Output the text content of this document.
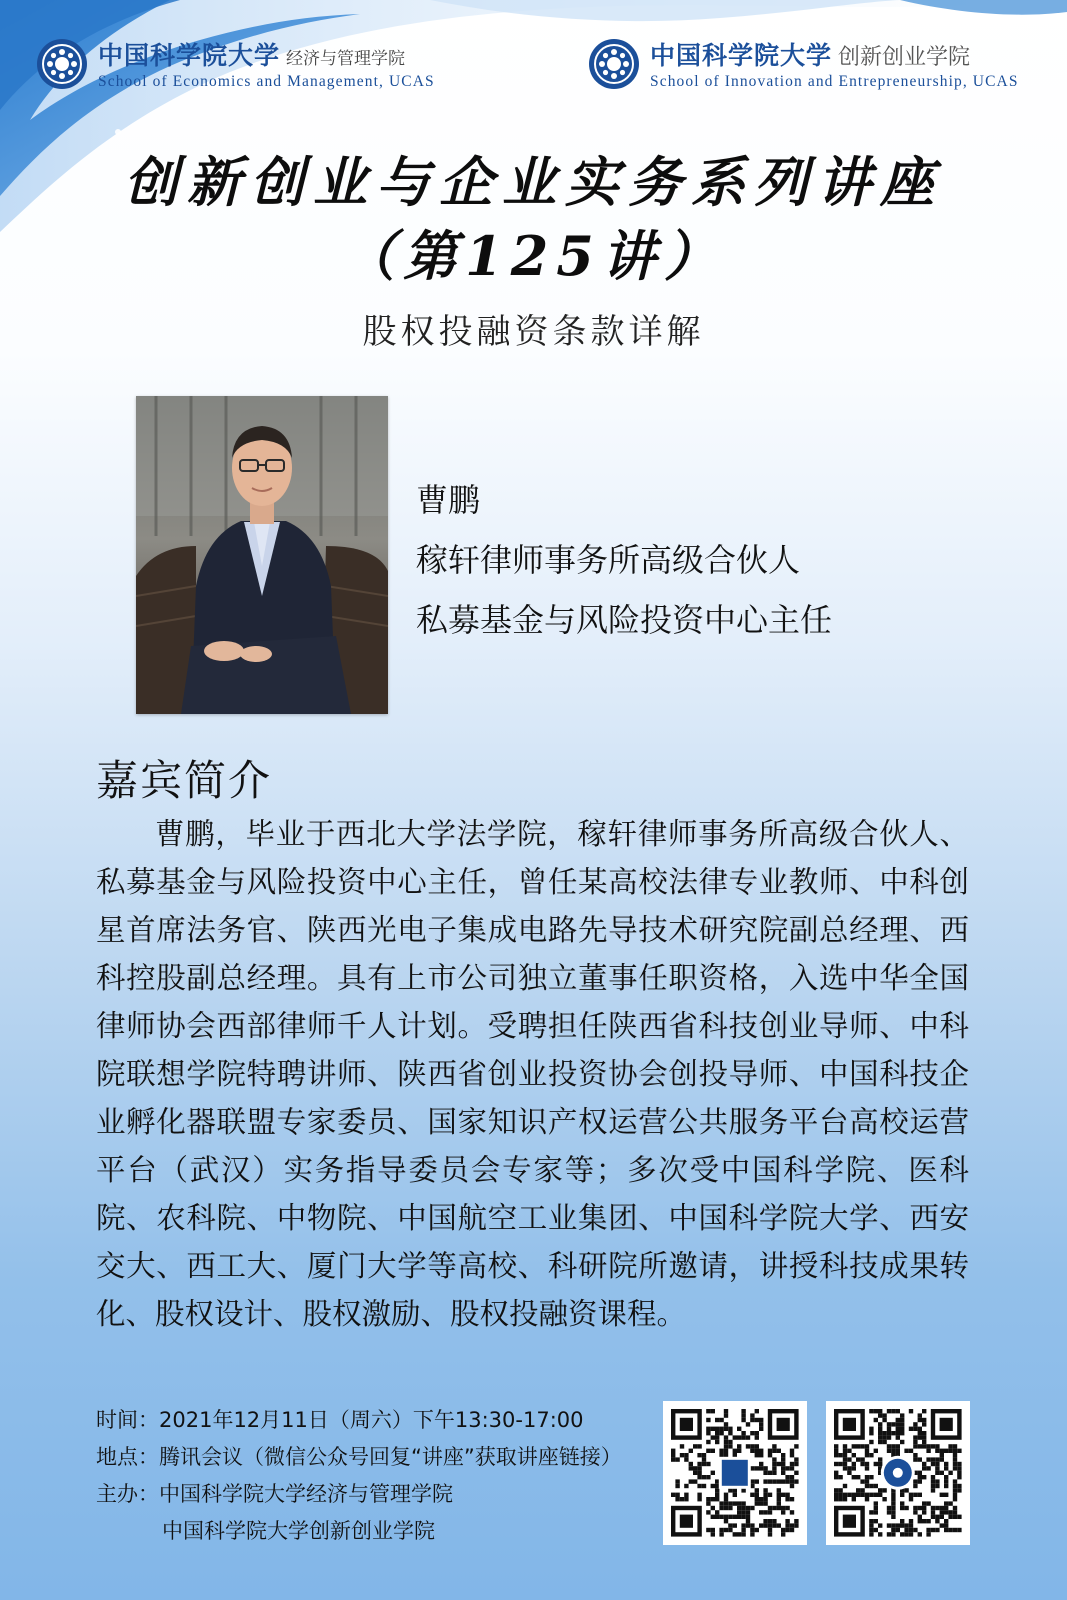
中国科学院大学 经济与管理学院
School of Economics and Management, UCAS
中国科学院大学 创新创业学院
School of Innovation and Entrepreneurship, UCAS
创新创业与企业实务系列讲座
（第125讲）
股权投融资条款详解
曹鹏
稼轩律师事务所高级合伙人
私募基金与风险投资中心主任
嘉宾简介

曹鹏，毕业于西北大学法学院，稼轩律师事务所高级合伙人、私募基金与风险投资中心主任，曾任某高校法律专业教师、中科创星首席法务官、陕西光电子集成电路先导技术研究院副总经理、西科控股副总经理。具有上市公司独立董事任职资格，入选中华全国律师协会西部律师千人计划。受聘担任陕西省科技创业导师、中科院联想学院特聘讲师、陕西省创业投资协会创投导师、中国科技企业孵化器联盟专家委员、国家知识产权运营公共服务平台高校运营平台（武汉）实务指导委员会专家等；多次受中国科学院、医科院、农科院、中物院、中国航空工业集团、中国科学院大学、西安交大、西工大、厦门大学等高校、科研院所邀请，讲授科技成果转化、股权设计、股权激励、股权投融资课程。

时间：2021年12月11日（周六）下午13:30-17:00
地点：腾讯会议（微信公众号回复“讲座”获取讲座链接）
主办：中国科学院大学经济与管理学院
中国科学院大学创新创业学院
